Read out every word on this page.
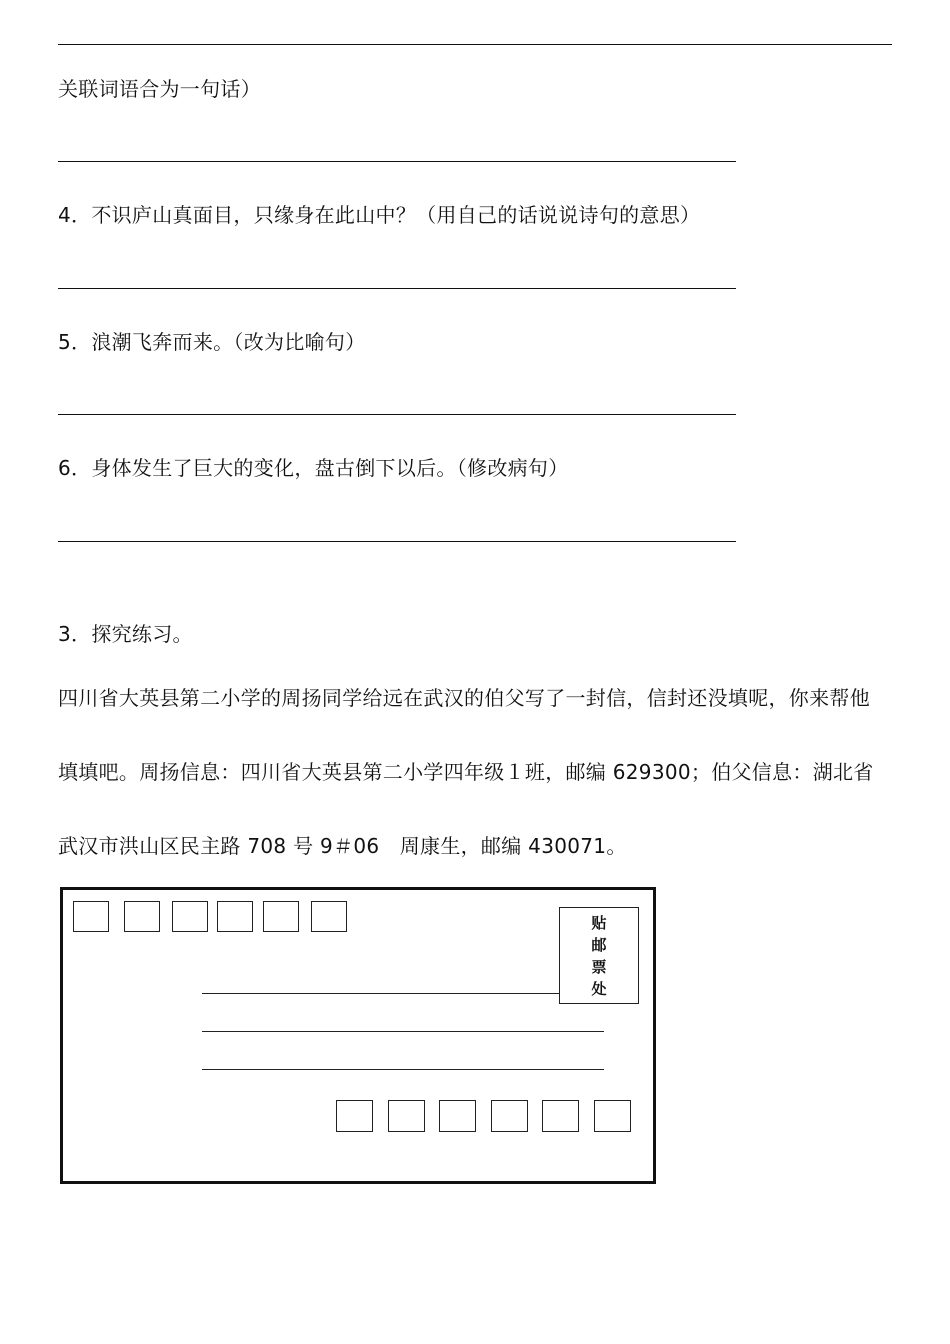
关联词语合为一句话）
4．不识庐山真面目，只缘身在此山中？（用自己的话说说诗句的意思）
5．浪潮飞奔而来。（改为比喻句）
6．身体发生了巨大的变化，盘古倒下以后。（修改病句）
3．探究练习。
四川省大英县第二小学的周扬同学给远在武汉的伯父写了一封信，信封还没填呢，你来帮他
填填吧。周扬信息：四川省大英县第二小学四年级１班，邮编 629300；伯父信息：湖北省
武汉市洪山区民主路 708 号 9＃06　周康生，邮编 430071。
贴
邮
票
处
